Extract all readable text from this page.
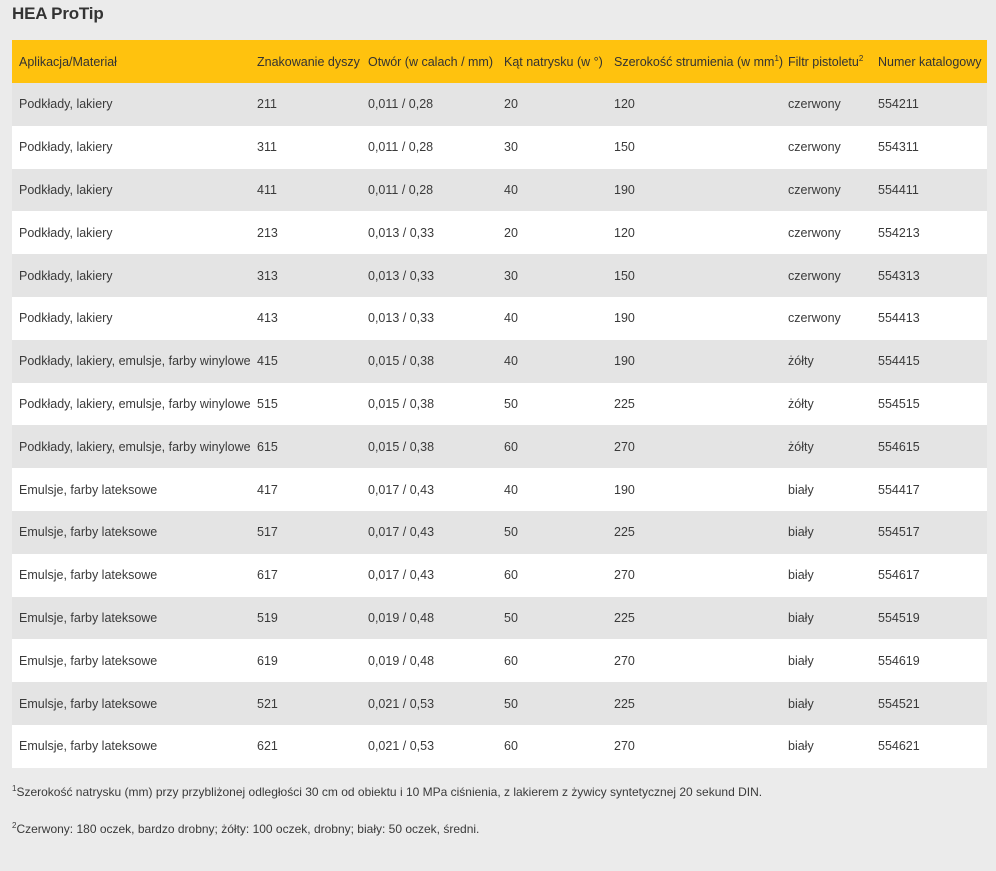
HEA ProTip
Aplikacja/Materiał	Znakowanie dyszy	Otwór (w calach / mm)	Kąt natrysku (w °)	Szerokość strumienia (w $mm^1$)	Filtr pistoletu$^2$	Numer katalogowy
Podkłady, lakiery	211	0,011 / 0,28	20	120	czerwony	554211
Podkłady, lakiery	311	0,011 / 0,28	30	150	czerwony	554311
Podkłady, lakiery	411	0,011 / 0,28	40	190	czerwony	554411
Podkłady, lakiery	213	0,013 / 0,33	20	120	czerwony	554213
Podkłady, lakiery	313	0,013 / 0,33	30	150	czerwony	554313
Podkłady, lakiery	413	0,013 / 0,33	40	190	czerwony	554413
Podkłady, lakiery, emulsje, farby winylowe	415	0,015 / 0,38	40	190	żółty	554415
Podkłady, lakiery, emulsje, farby winylowe	515	0,015 / 0,38	50	225	żółty	554515
Podkłady, lakiery, emulsje, farby winylowe	615	0,015 / 0,38	60	270	żółty	554615
Emulsje, farby lateksowe	417	0,017 / 0,43	40	190	biały	554417
Emulsje, farby lateksowe	517	0,017 / 0,43	50	225	biały	554517
Emulsje, farby lateksowe	617	0,017 / 0,43	60	270	biały	554617
Emulsje, farby lateksowe	519	0,019 / 0,48	50	225	biały	554519
Emulsje, farby lateksowe	619	0,019 / 0,48	60	270	biały	554619
Emulsje, farby lateksowe	521	0,021 / 0,53	50	225	biały	554521
Emulsje, farby lateksowe	621	0,021 / 0,53	60	270	biały	554621
$^1$Szerokość natrysku (mm) przy przybliżonej odległości 30 cm od obiektu i 10 MPa ciśnienia, z lakierem z żywicy syntetycznej 20 sekund DIN.
$^2$Czerwony: 180 oczek, bardzo drobny; żółty: 100 oczek, drobny; biały: 50 oczek, średni.
